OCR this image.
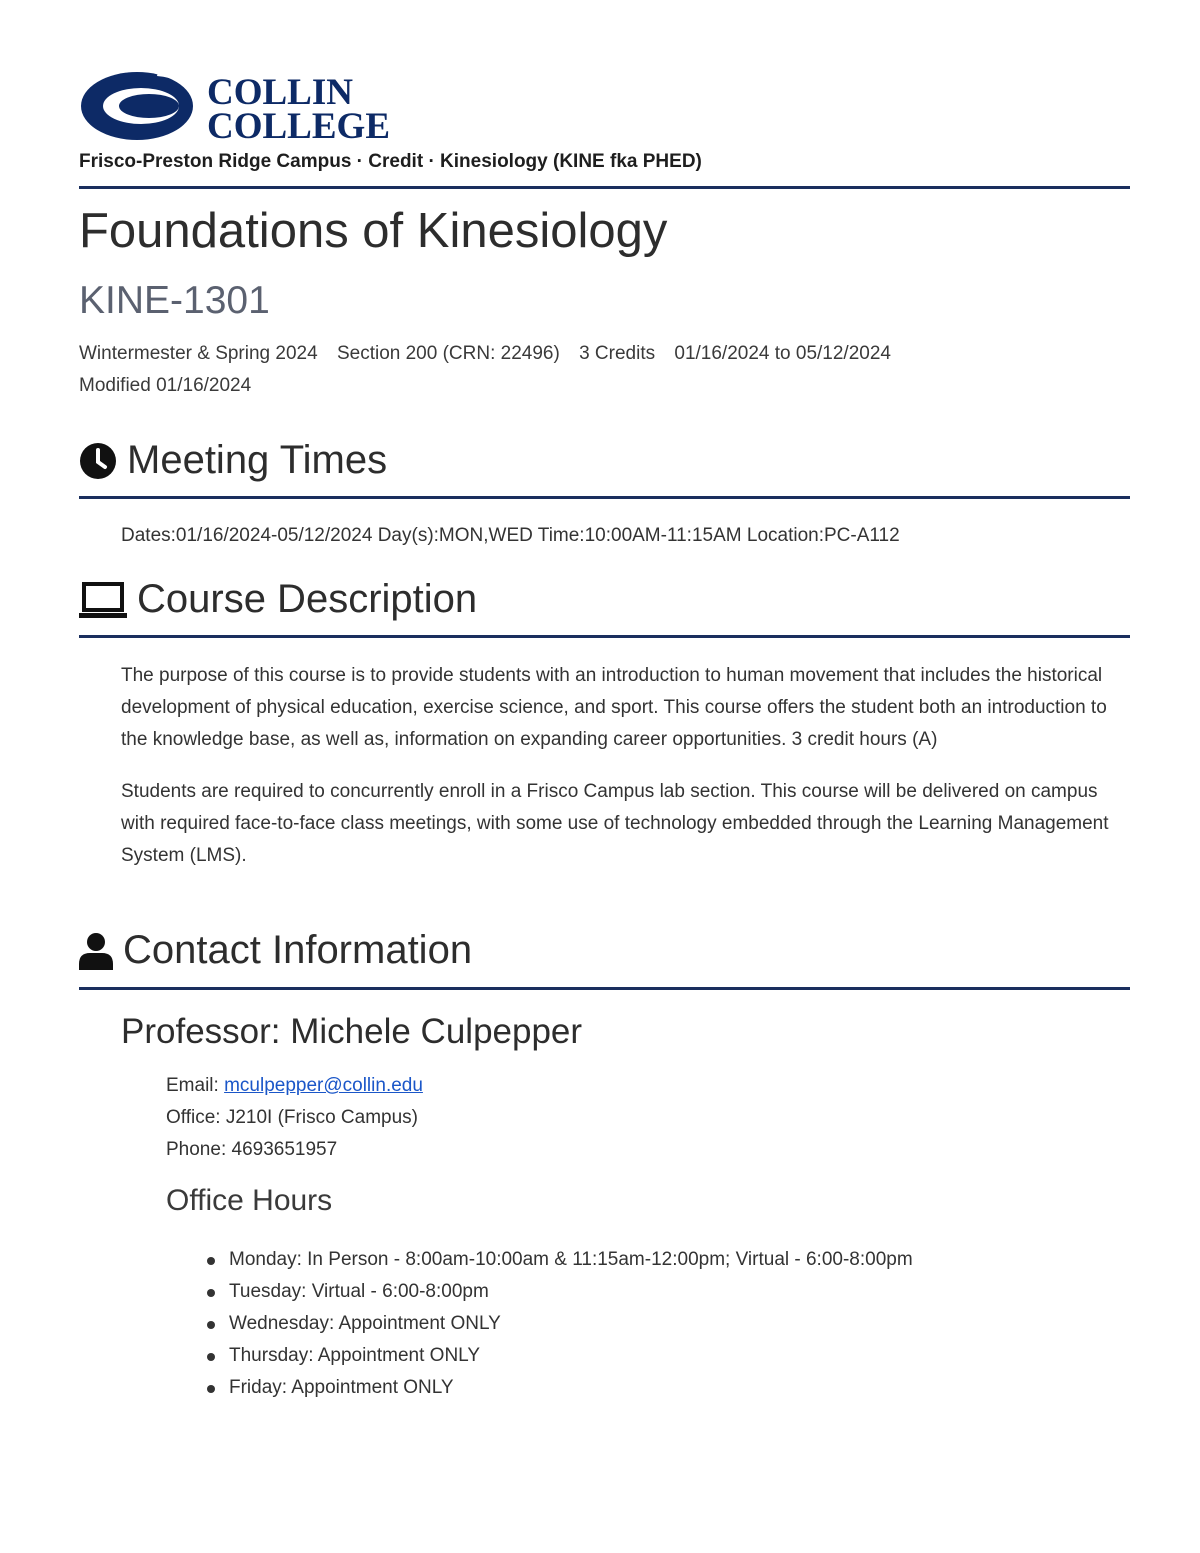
COLLIN
COLLEGE
Frisco-Preston Ridge Campus · Credit · Kinesiology (KINE fka PHED)
Foundations of Kinesiology
KINE-1301
Wintermester & Spring 2024 Section 200 (CRN: 22496) 3 Credits 01/16/2024 to 05/12/2024
Modified 01/16/2024
Meeting Times
Dates:01/16/2024-05/12/2024 Day(s):MON,WED Time:10:00AM-11:15AM Location:PC-A112
Course Description

The purpose of this course is to provide students with an introduction to human movement that includes the historical development of physical education, exercise science, and sport. This course offers the student both an introduction to the knowledge base, as well as, information on expanding career opportunities. 3 credit hours (A)

Students are required to concurrently enroll in a Frisco Campus lab section. This course will be delivered on campus with required face-to-face class meetings, with some use of technology embedded through the Learning Management System (LMS).

Contact Information
Professor: Michele Culpepper
Email: mculpepper@collin.edu
Office: J210I (Frisco Campus)
Phone: 4693651957
Office Hours
Monday: In Person - 8:00am-10:00am & 11:15am-12:00pm; Virtual - 6:00-8:00pm
Tuesday: Virtual - 6:00-8:00pm
Wednesday: Appointment ONLY
Thursday: Appointment ONLY
Friday: Appointment ONLY
